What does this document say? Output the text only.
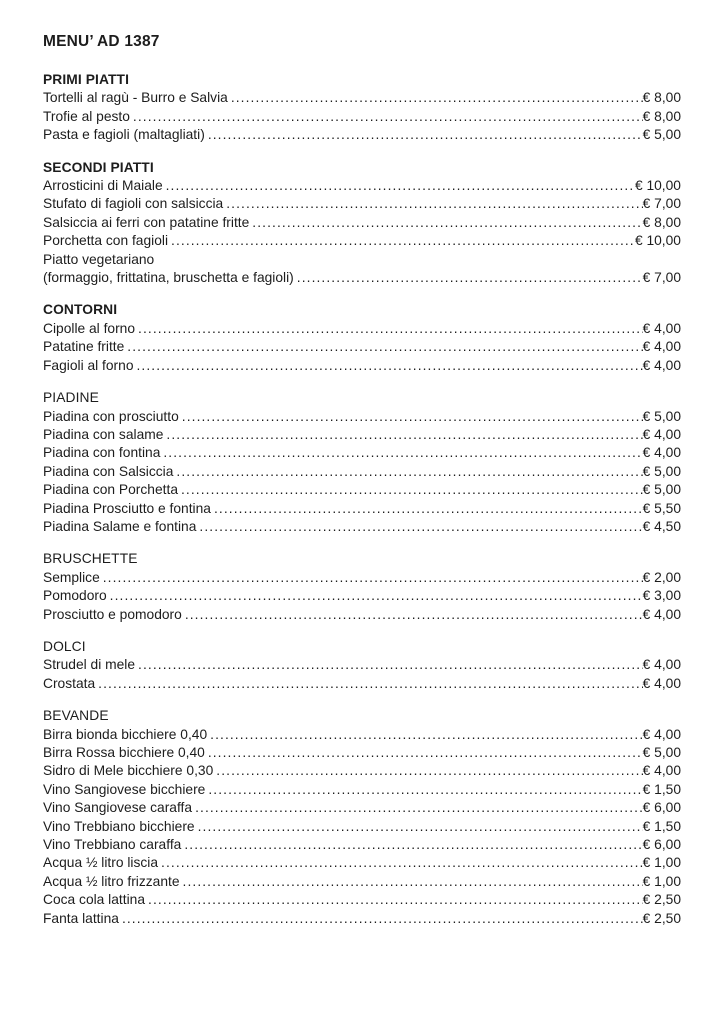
MENU’ AD 1387
PRIMI PIATTI
Tortelli al ragù - Burro e Salvia .....	€ 8,00
Trofie al pesto .....	€ 8,00
Pasta e fagioli (maltagliati) .....	€ 5,00
SECONDI PIATTI
Arrosticini di Maiale .....	€ 10,00
Stufato di fagioli con salsiccia .....	€ 7,00
Salsiccia ai ferri con patatine fritte .....	€ 8,00
Porchetta con fagioli .....	€ 10,00
Piatto vegetariano
(formaggio, frittatina, bruschetta e fagioli) .....	€ 7,00
CONTORNI
Cipolle al forno .....	€ 4,00
Patatine fritte .....	€ 4,00
Fagioli al forno .....	€ 4,00
PIADINE
Piadina con prosciutto .....	€ 5,00
Piadina con salame .....	€ 4,00
Piadina con fontina .....	€ 4,00
Piadina con Salsiccia .....	€ 5,00
Piadina con Porchetta .....	€ 5,00
Piadina Prosciutto e fontina .....	€ 5,50
Piadina Salame e fontina .....	€ 4,50
BRUSCHETTE
Semplice .....	€ 2,00
Pomodoro .....	€ 3,00
Prosciutto e pomodoro .....	€ 4,00
DOLCI
Strudel di mele .....	€ 4,00
Crostata .....	€ 4,00
BEVANDE
Birra bionda bicchiere 0,40 .....	€ 4,00
Birra Rossa bicchiere 0,40 .....	€ 5,00
Sidro di Mele bicchiere 0,30 .....	€ 4,00
Vino Sangiovese bicchiere .....	€ 1,50
Vino Sangiovese caraffa .....	€ 6,00
Vino Trebbiano bicchiere .....	€ 1,50
Vino Trebbiano caraffa .....	€ 6,00
Acqua ½ litro liscia .....	€ 1,00
Acqua ½ litro frizzante .....	€ 1,00
Coca cola lattina .....	€ 2,50
Fanta lattina .....	€ 2,50
